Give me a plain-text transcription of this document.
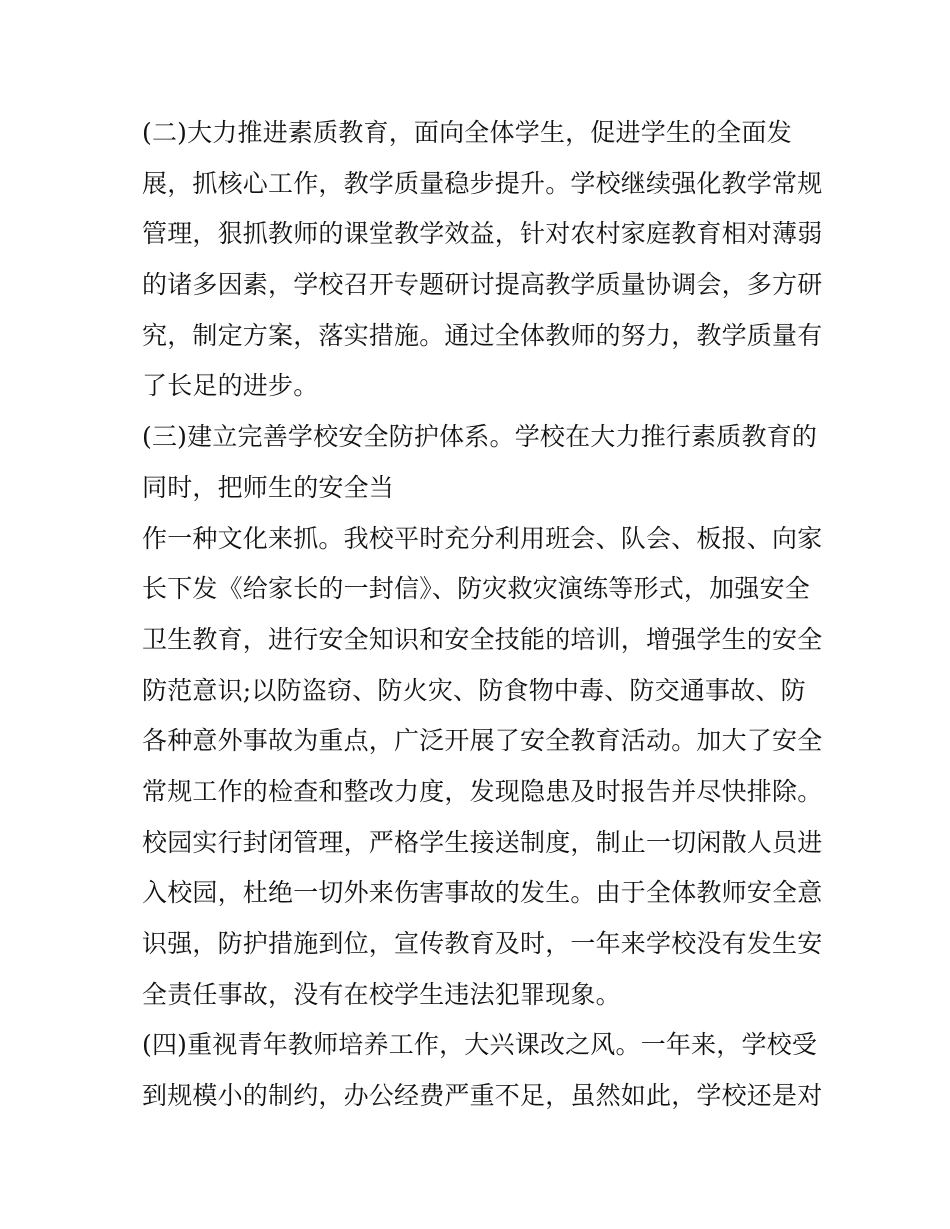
(二)大力推进素质教育，面向全体学生，促进学生的全面发
展，抓核心工作，教学质量稳步提升。学校继续强化教学常规
管理，狠抓教师的课堂教学效益，针对农村家庭教育相对薄弱
的诸多因素，学校召开专题研讨提高教学质量协调会，多方研
究，制定方案，落实措施。通过全体教师的努力，教学质量有
了长足的进步。
(三)建立完善学校安全防护体系。学校在大力推行素质教育的
同时，把师生的安全当
作一种文化来抓。我校平时充分利用班会、队会、板报、向家
长下发《给家长的一封信》、防灾救灾演练等形式，加强安全
卫生教育，进行安全知识和安全技能的培训，增强学生的安全
防范意识;以防盗窃、防火灾、防食物中毒、防交通事故、防
各种意外事故为重点，广泛开展了安全教育活动。加大了安全
常规工作的检查和整改力度，发现隐患及时报告并尽快排除。
校园实行封闭管理，严格学生接送制度，制止一切闲散人员进
入校园，杜绝一切外来伤害事故的发生。由于全体教师安全意
识强，防护措施到位，宣传教育及时，一年来学校没有发生安
全责任事故，没有在校学生违法犯罪现象。
(四)重视青年教师培养工作，大兴课改之风。一年来，学校受
到规模小的制约，办公经费严重不足，虽然如此，学校还是对
